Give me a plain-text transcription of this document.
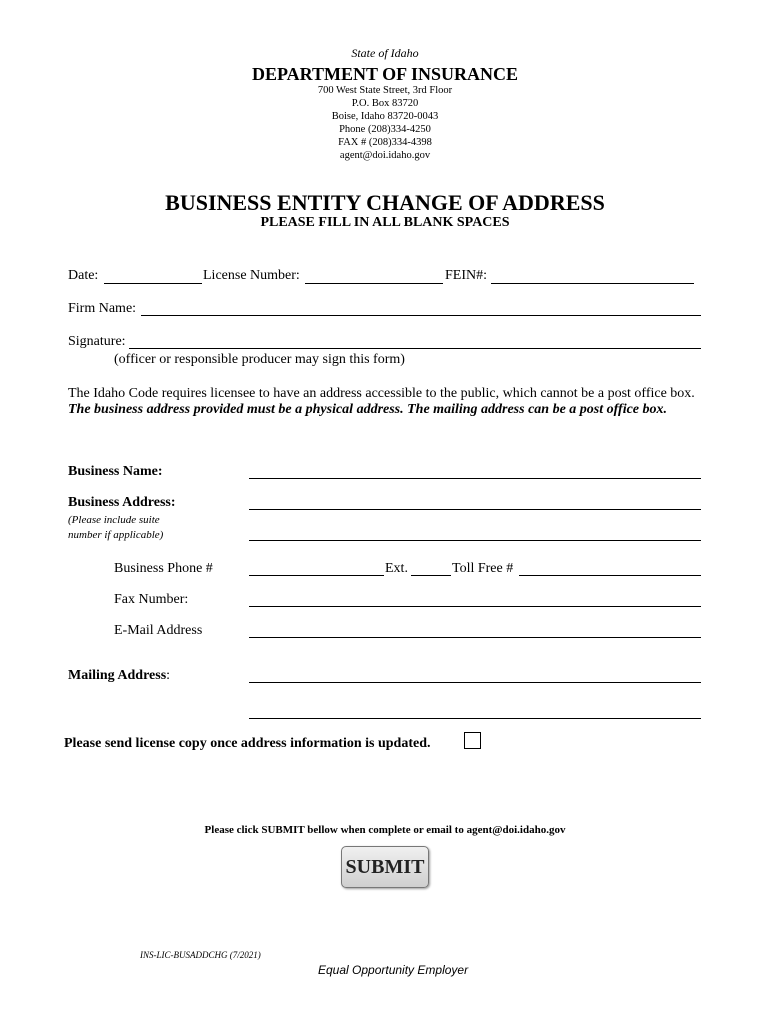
State of Idaho
DEPARTMENT OF INSURANCE
700 West State Street, 3rd Floor
P.O. Box 83720
Boise, Idaho 83720-0043
Phone (208)334-4250
FAX # (208)334-4398
agent@doi.idaho.gov
BUSINESS ENTITY CHANGE OF ADDRESS
PLEASE FILL IN ALL BLANK SPACES
Date:	License Number:	FEIN#:
Firm Name:
Signature:
(officer or responsible producer may sign this form)
The Idaho Code requires licensee to have an address accessible to the public, which cannot be a post office box. The business address provided must be a physical address. The mailing address can be a post office box.
Business Name:
Business Address:
(Please include suite
number if applicable)
Business Phone #	Ext.	Toll Free #
Fax Number:
E-Mail Address
Mailing Address:
Please send license copy once address information is updated.
Please click SUBMIT bellow when complete or email to agent@doi.idaho.gov
SUBMIT
INS-LIC-BUSADDCHG (7/2021)
Equal Opportunity Employer
